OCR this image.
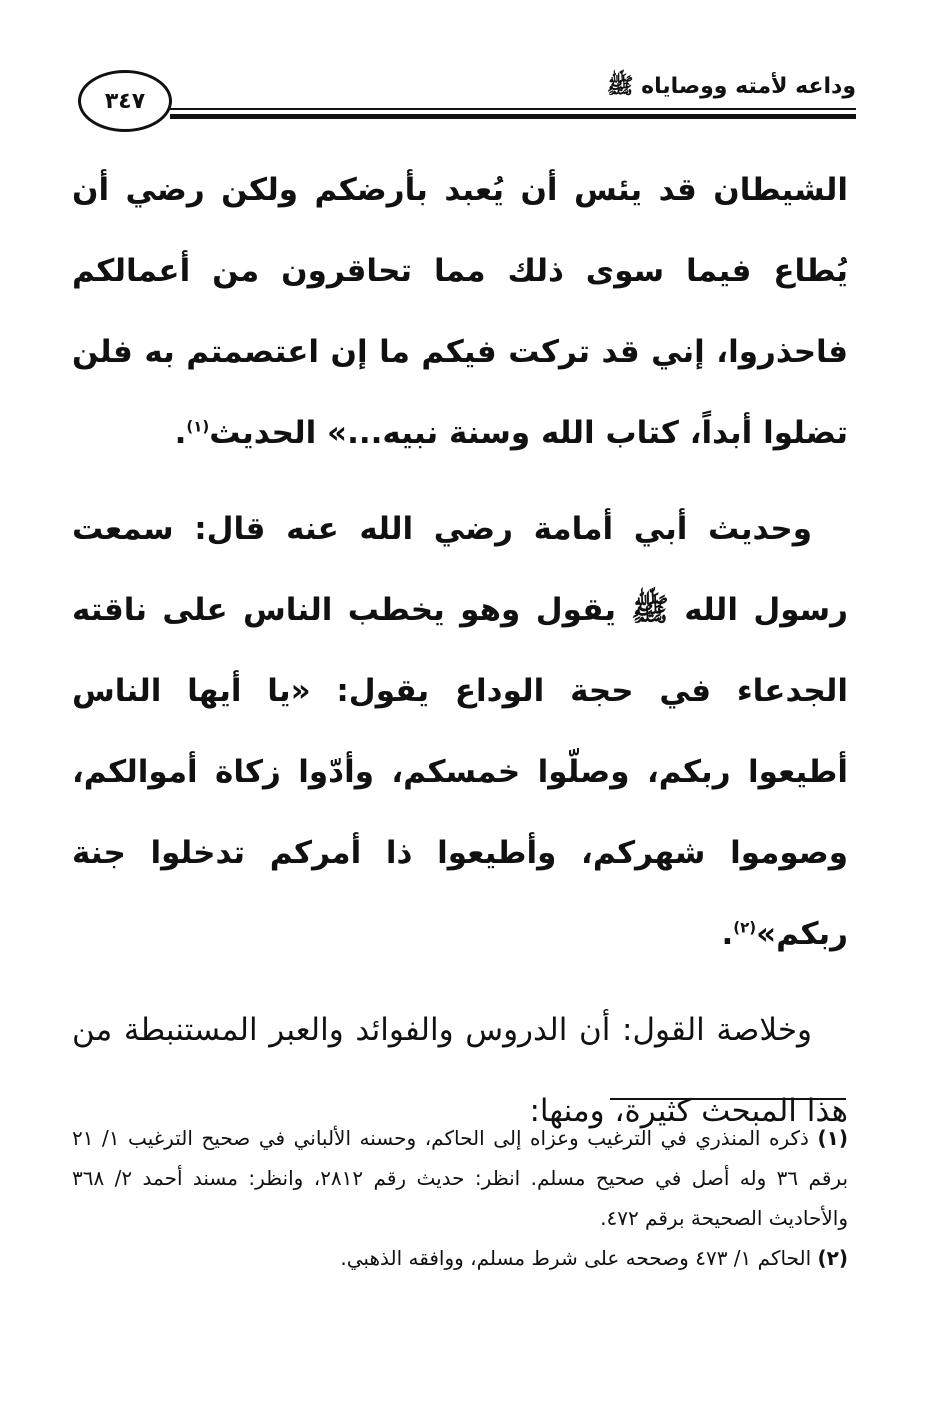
٣٤٧
وداعه لأمته ووصاياه ﷺ

الشيطان قد يئس أن يُعبد بأرضكم ولكن رضي أن يُطاع فيما سوى ذلك مما تحاقرون من أعمالكم فاحذروا، إني قد تركت فيكم ما إن اعتصمتم به فلن تضلوا أبداً، كتاب الله وسنة نبيه...» الحديث$^{(١)}$.

وحديث أبي أمامة رضي الله عنه قال: سمعت رسول الله ﷺ يقول وهو يخطب الناس على ناقته الجدعاء في حجة الوداع يقول: «يا أيها الناس أطيعوا ربكم، وصلّوا خمسكم، وأدّوا زكاة أموالكم، وصوموا شهركم، وأطيعوا ذا أمركم تدخلوا جنة ربكم»$^{(٢)}$.

وخلاصة القول: أن الدروس والفوائد والعبر المستنبطة من هذا المبحث كثيرة، ومنها:

(١) ذكره المنذري في الترغيب وعزاه إلى الحاكم، وحسنه الألباني في صحيح الترغيب ١/ ٢١ برقم ٣٦ وله أصل في صحيح مسلم. انظر: حديث رقم ٢٨١٢، وانظر: مسند أحمد ٢/ ٣٦٨ والأحاديث الصحيحة برقم ٤٧٢.

(٢) الحاكم ١/ ٤٧٣ وصححه على شرط مسلم، ووافقه الذهبي.
